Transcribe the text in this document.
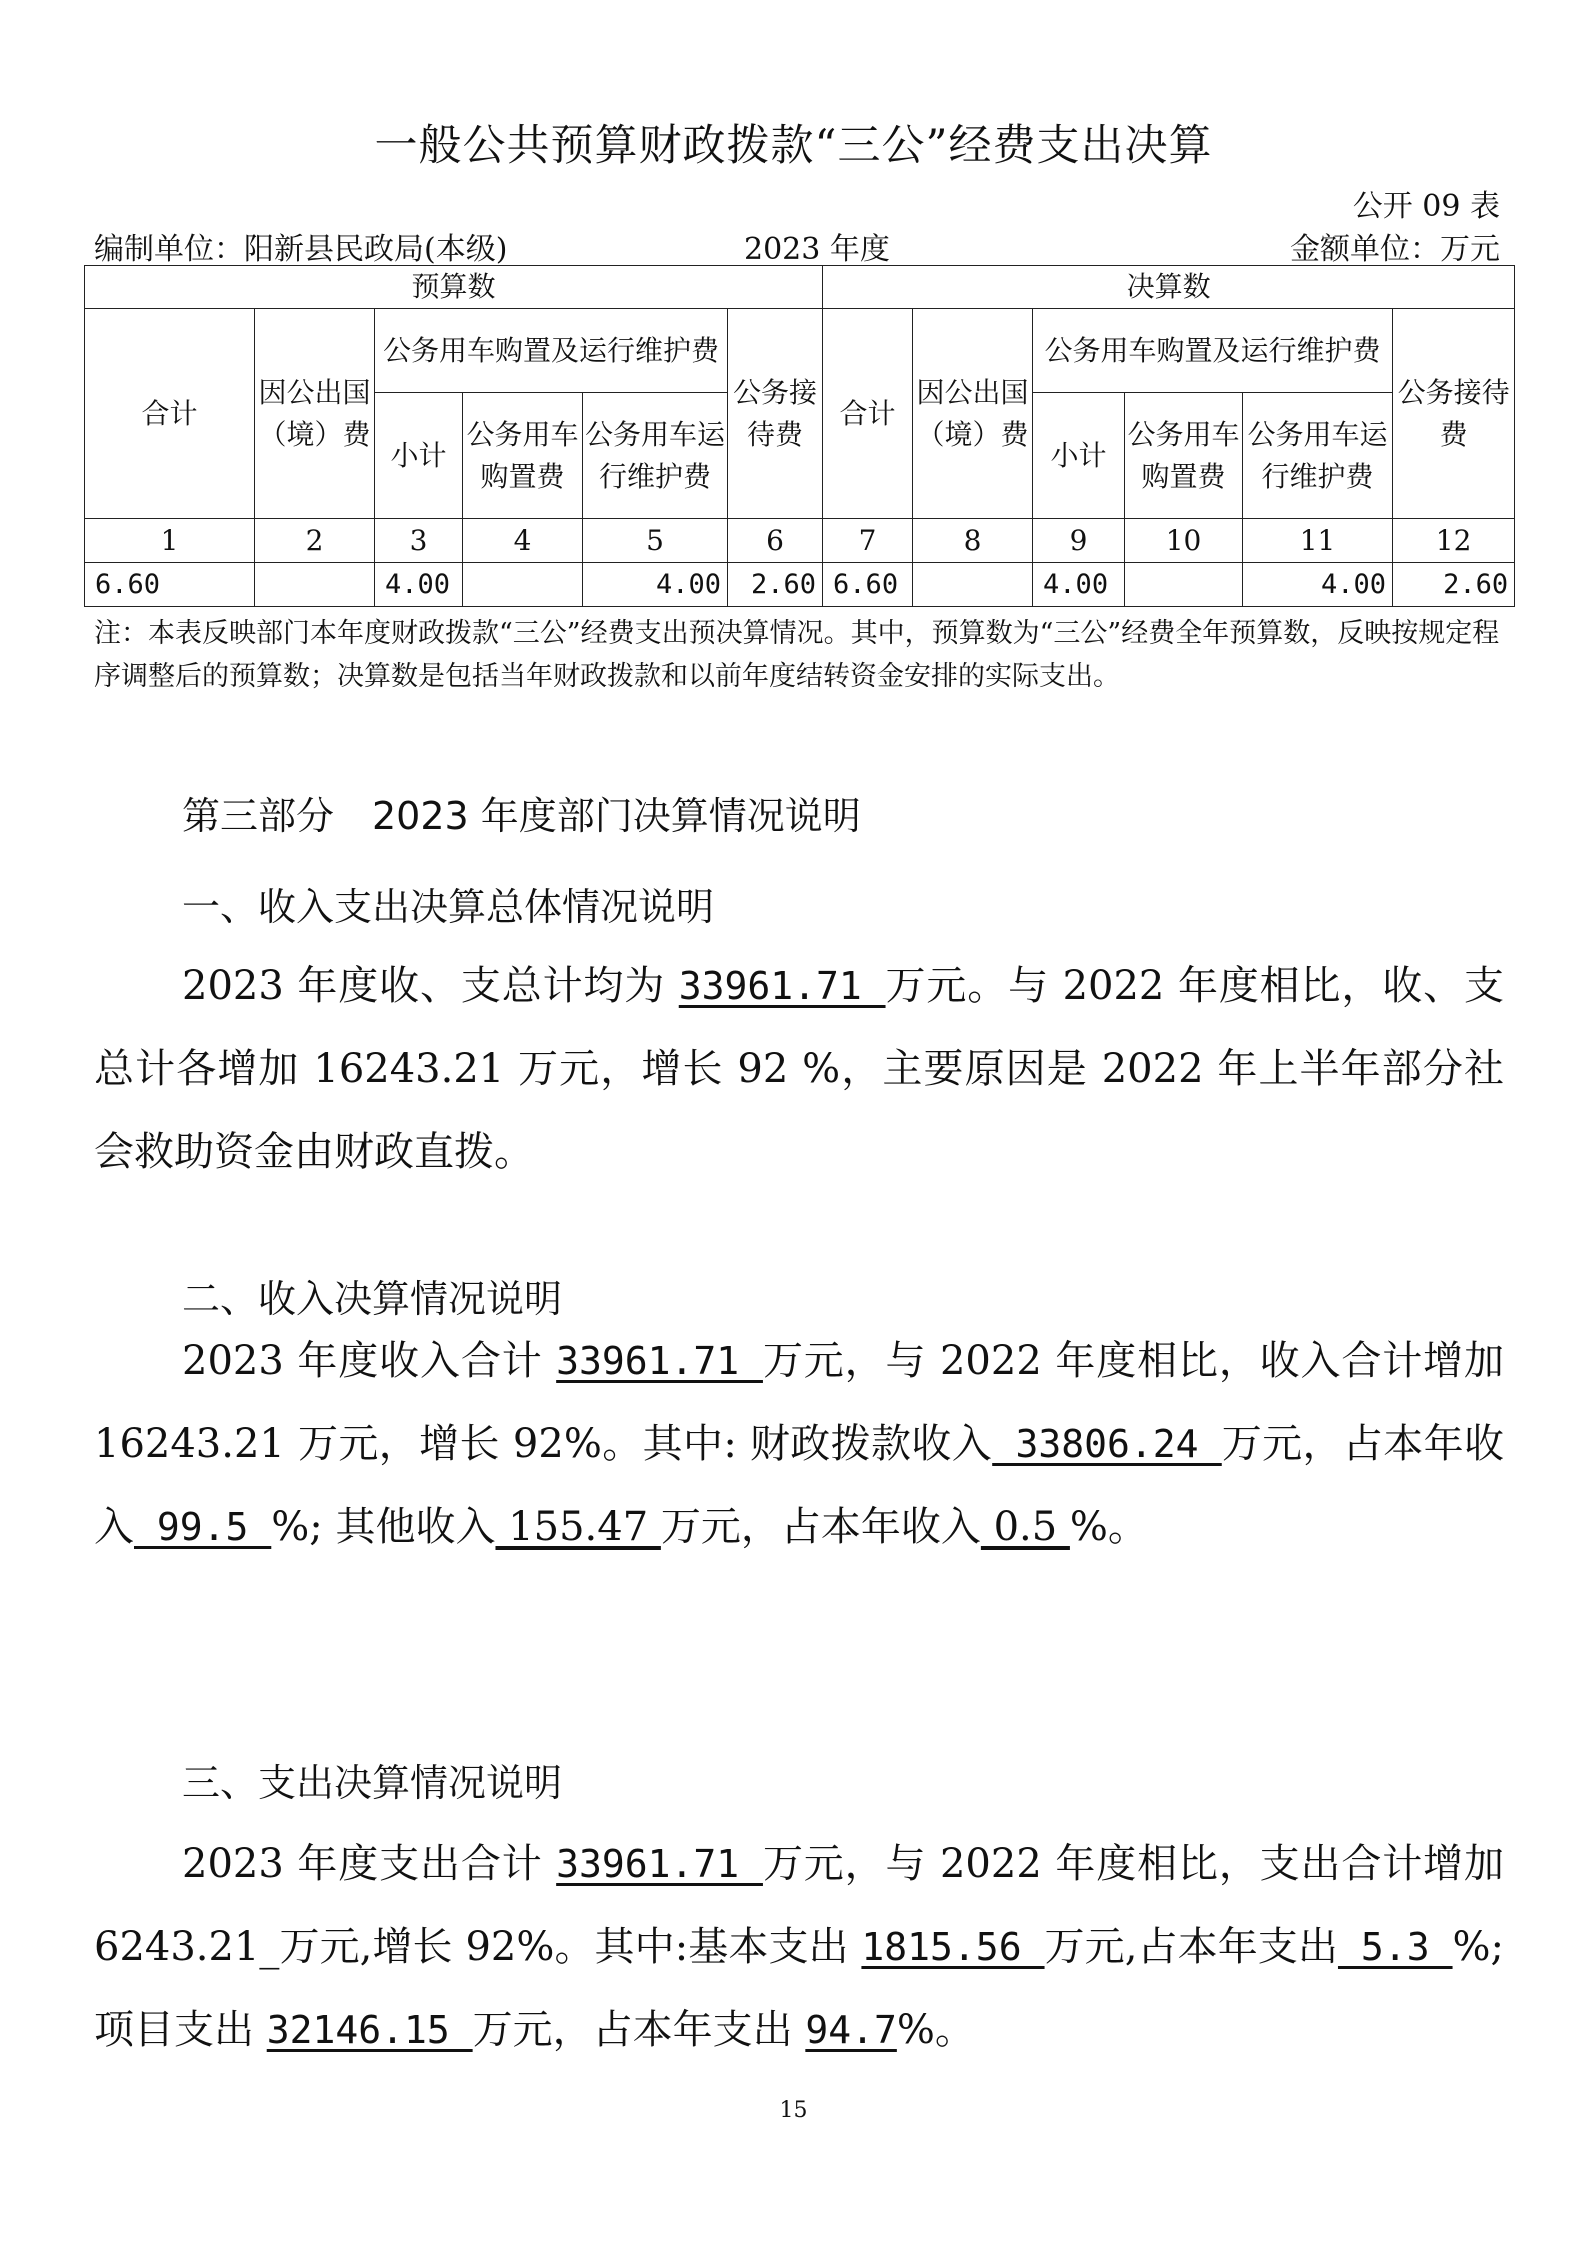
一般公共预算财政拨款“三公”经费支出决算
公开 09 表
编制单位：阳新县民政局(本级)	2023 年度	金额单位：万元
预算数						决算数					
合计	因公出国（境）费	公务用车购置及运行维护费			公务接待费	合计	因公出国（境）费	公务用车购置及运行维护费			公务接待费
		小计	公务用车购置费	公务用车运行维护费				小计	公务用车购置费	公务用车运行维护费	
1	2	3	4	5	6	7	8	9	10	11	12
6.60		4.00		4.00	2.60	6.60		4.00		4.00	2.60
注：本表反映部门本年度财政拨款“三公”经费支出预决算情况。其中，预算数为“三公”经费全年预算数，反映按规定程序调整后的预算数；决算数是包括当年财政拨款和以前年度结转资金安排的实际支出。
第三部分　2023 年度部门决算情况说明
一、收入支出决算总体情况说明
2023 年度收、支总计均为 33961.71 万元。与 2022 年度相比，收、支总计各增加 16243.21 万元，增长 92 %，主要原因是 2022 年上半年部分社会救助资金由财政直拨。
二、收入决算情况说明
2023 年度收入合计 33961.71 万元，与 2022 年度相比，收入合计增加 16243.21 万元，增长 92%。其中: 财政拨款收入 33806.24 万元，占本年收入 99.5 %; 其他收入 155.47 万元，占本年收入 0.5 %。
三、支出决算情况说明
2023 年度支出合计 33961.71 万元，与 2022 年度相比，支出合计增加 6243.21_万元,增长 92%。其中:基本支出 1815.56 万元,占本年支出 5.3 %; 项目支出 32146.15 万元，占本年支出 94.7%。
15
